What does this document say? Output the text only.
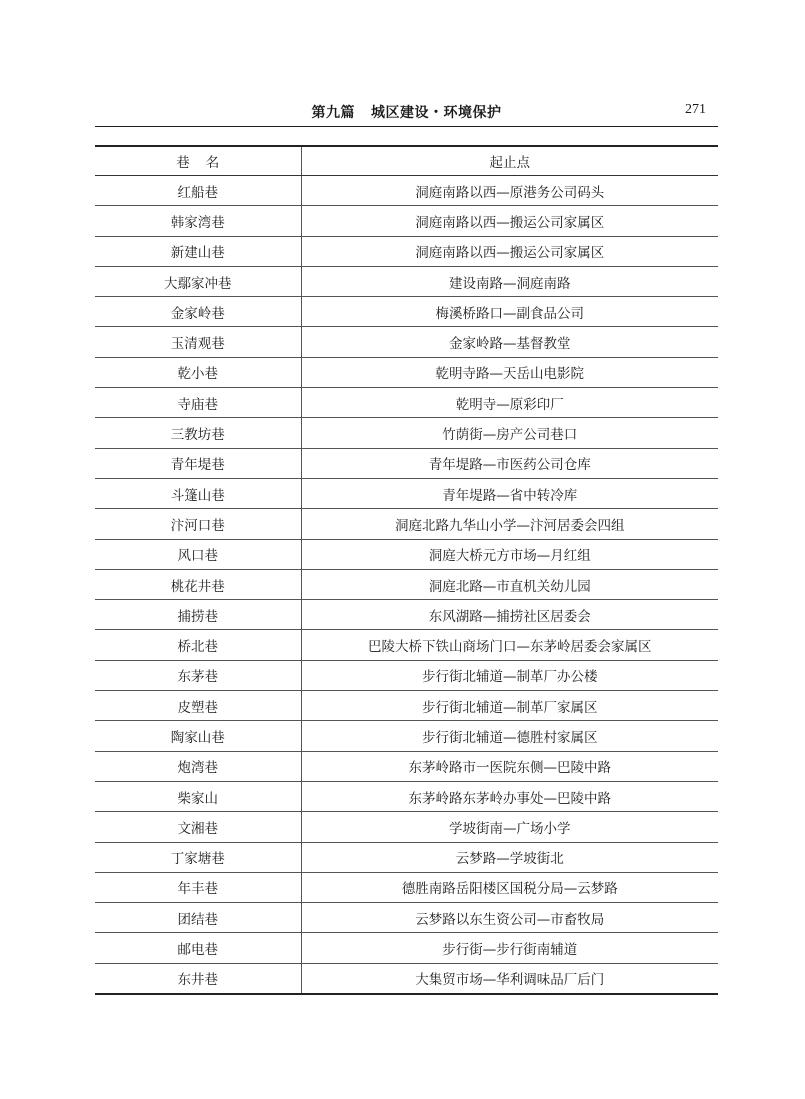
第九篇 城区建设・环境保护	271
巷名	起止点
红船巷	洞庭南路以西—原港务公司码头
韩家湾巷	洞庭南路以西—搬运公司家属区
新建山巷	洞庭南路以西—搬运公司家属区
大鄢家冲巷	建设南路—洞庭南路
金家岭巷	梅溪桥路口—副食品公司
玉清观巷	金家岭路—基督教堂
乾小巷	乾明寺路—天岳山电影院
寺庙巷	乾明寺—原彩印厂
三教坊巷	竹荫街—房产公司巷口
青年堤巷	青年堤路—市医药公司仓库
斗篷山巷	青年堤路—省中转冷库
汴河口巷	洞庭北路九华山小学—汴河居委会四组
风口巷	洞庭大桥元方市场—月红组
桃花井巷	洞庭北路—市直机关幼儿园
捕捞巷	东风湖路—捕捞社区居委会
桥北巷	巴陵大桥下铁山商场门口—东茅岭居委会家属区
东茅巷	步行街北辅道—制革厂办公楼
皮塑巷	步行街北辅道—制革厂家属区
陶家山巷	步行街北辅道—德胜村家属区
炮湾巷	东茅岭路市一医院东侧—巴陵中路
柴家山	东茅岭路东茅岭办事处—巴陵中路
文湘巷	学坡街南—广场小学
丁家塘巷	云梦路—学坡街北
年丰巷	德胜南路岳阳楼区国税分局—云梦路
团结巷	云梦路以东生资公司—市畜牧局
邮电巷	步行街—步行街南辅道
东井巷	大集贸市场—华利调味品厂后门
